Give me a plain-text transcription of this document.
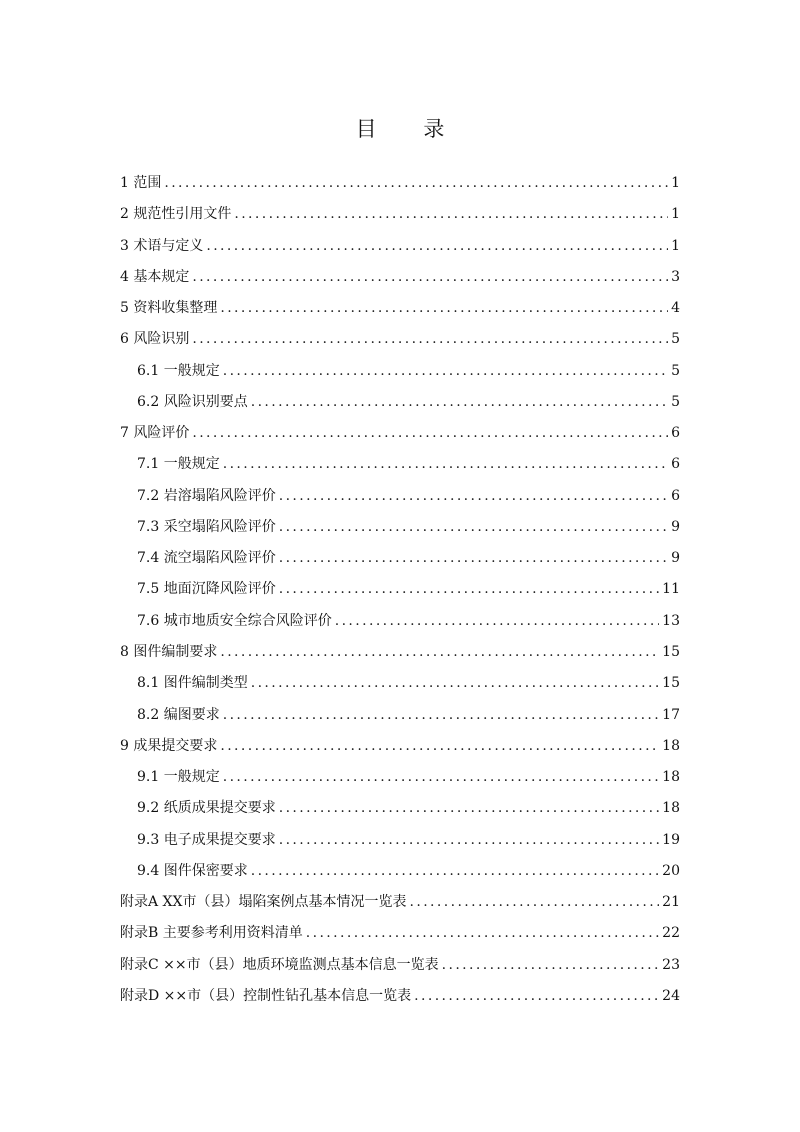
目 录
1 范围 .....	1
2 规范性引用文件 .....	1
3 术语与定义 .....	1
4 基本规定 .....	3
5 资料收集整理 .....	4
6 风险识别 .....	5
6.1 一般规定 .....	5
6.2 风险识别要点 .....	5
7 风险评价 .....	6
7.1 一般规定 .....	6
7.2 岩溶塌陷风险评价 .....	6
7.3 采空塌陷风险评价 .....	9
7.4 流空塌陷风险评价 .....	9
7.5 地面沉降风险评价 .....	11
7.6 城市地质安全综合风险评价 .....	13
8 图件编制要求 .....	15
8.1 图件编制类型 .....	15
8.2 编图要求 .....	17
9 成果提交要求 .....	18
9.1 一般规定 .....	18
9.2 纸质成果提交要求 .....	18
9.3 电子成果提交要求 .....	19
9.4 图件保密要求 .....	20
附录A XX市（县）塌陷案例点基本情况一览表 .....	21
附录B 主要参考利用资料清单 .....	22
附录C ××市（县）地质环境监测点基本信息一览表 .....	23
附录D ××市（县）控制性钻孔基本信息一览表 .....	24
